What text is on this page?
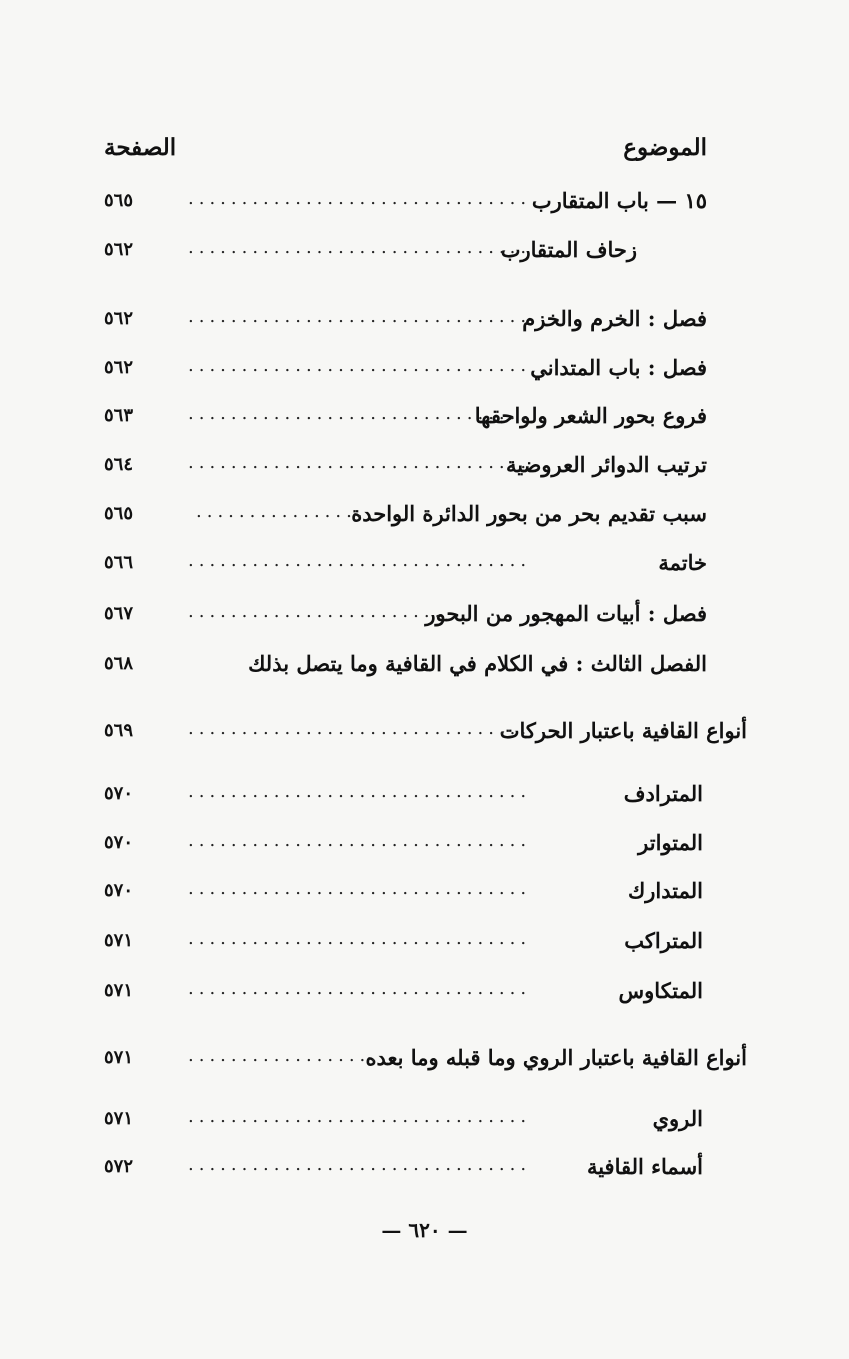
الموضوع
الصفحة
١٥ — باب المتقارب
................................
٥٦٥
زحاف المتقارب
................................
٥٦٢
فصل : الخرم والخزم
................................
٥٦٢
فصل : باب المتداني
................................
٥٦٢
فروع بحور الشعر ولواحقها
................................
٥٦٣
ترتيب الدوائر العروضية
................................
٥٦٤
سبب تقديم بحر من بحور الدائرة الواحدة
................
٥٦٥
خاتمة
................................
٥٦٦
فصل : أبيات المهجور من البحور
........................
٥٦٧
الفصل الثالث : في الكلام في القافية وما يتصل بذلك
٥٦٨
أنواع القافية باعتبار الحركات
................................
٥٦٩
المترادف
................................
٥٧٠
المتواتر
................................
٥٧٠
المتدارك
................................
٥٧٠
المتراكب
................................
٥٧١
المتكاوس
................................
٥٧١
أنواع القافية باعتبار الروي وما قبله وما بعده
..................
٥٧١
الروي
................................
٥٧١
أسماء القافية
................................
٥٧٢
— ٦٢٠ —
